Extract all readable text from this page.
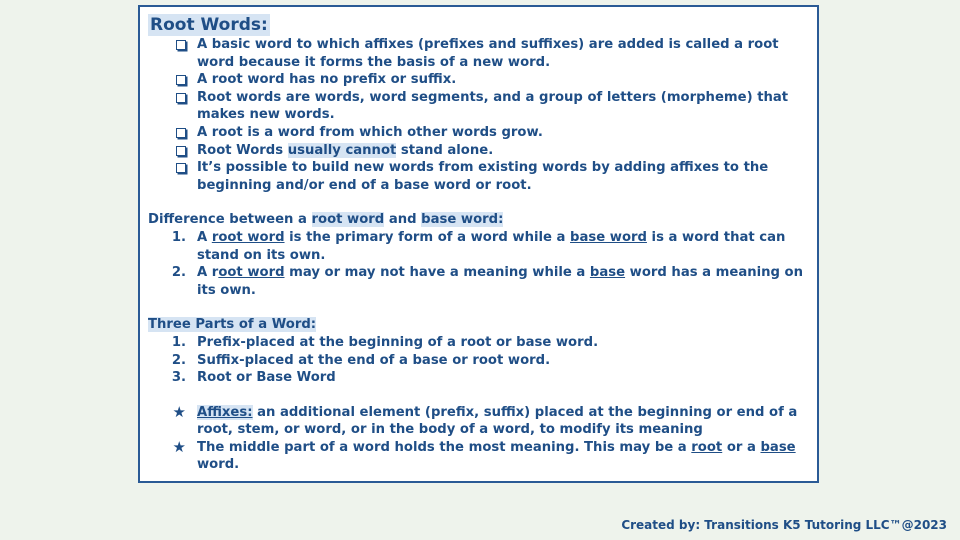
Root Words:
A basic word to which affixes (prefixes and suffixes) are added is called a root word because it forms the basis of a new word.
A root word has no prefix or suffix.
Root words are words, word segments, and a group of letters (morpheme) that makes new words.
A root is a word from which other words grow.
Root Words usually cannot stand alone.
It’s possible to build new words from existing words by adding affixes to the beginning and/or end of a base word or root.
Difference between a root word and base word:
1. A root word is the primary form of a word while a base word is a word that can stand on its own.
2. A root word may or may not have a meaning while a base word has a meaning on its own.
Three Parts of a Word:
1. Prefix-placed at the beginning of a root or base word.
2. Suffix-placed at the end of a base or root word.
3. Root or Base Word
★ Affixes: an additional element (prefix, suffix) placed at the beginning or end of a root, stem, or word, or in the body of a word, to modify its meaning
★ The middle part of a word holds the most meaning. This may be a root or a base word.
Created by: Transitions K5 Tutoring LLC™@2023
